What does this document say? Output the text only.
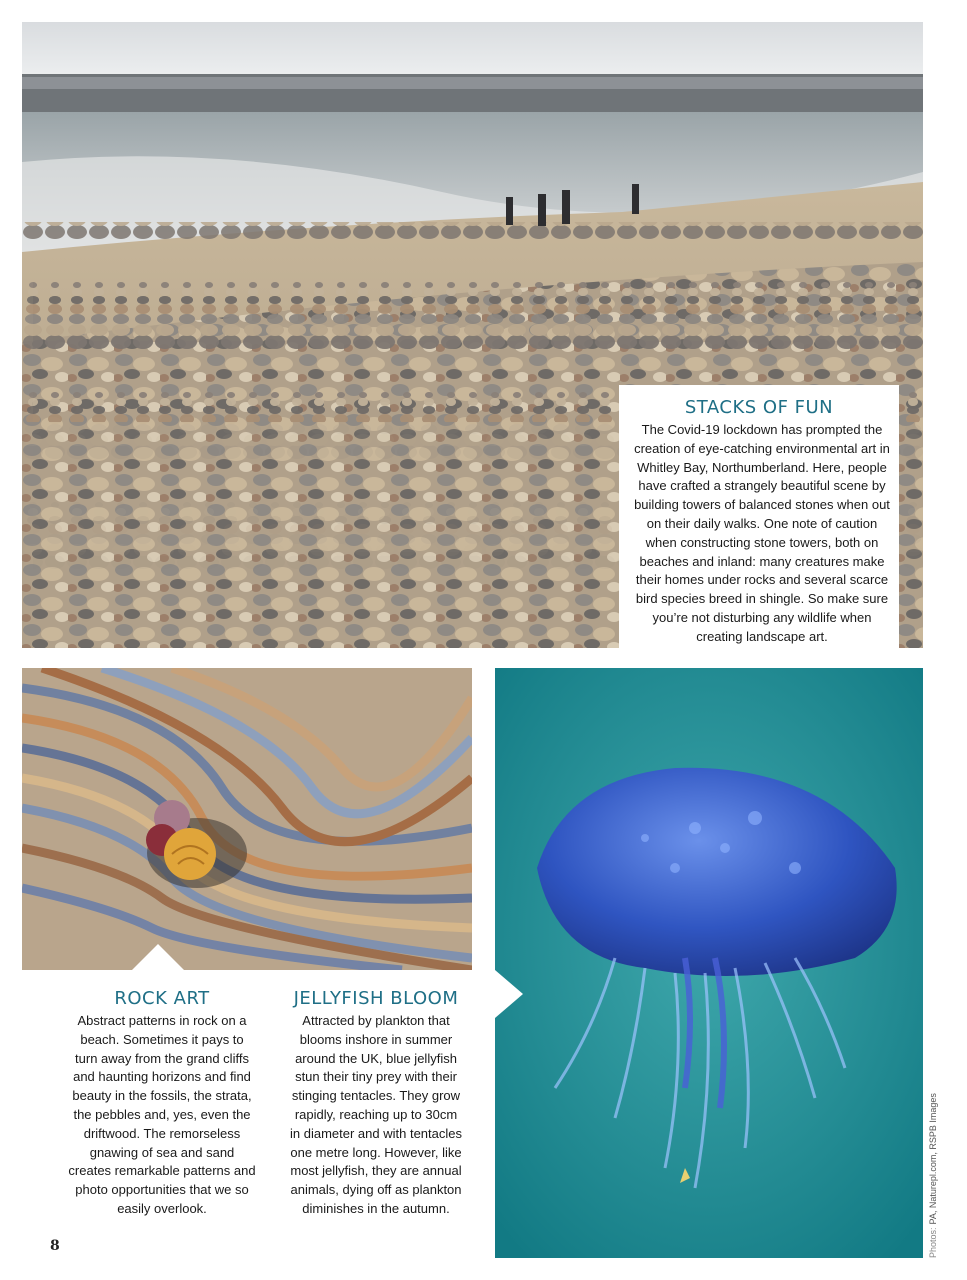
STACKS OF FUN

The Covid-19 lockdown has prompted the creation of eye-catching environmental art in Whitley Bay, Northumberland. Here, people have crafted a strangely beautiful scene by building towers of balanced stones when out on their daily walks. One note of caution when constructing stone towers, both on beaches and inland: many creatures make their homes under rocks and several scarce bird species breed in shingle. So make sure you’re not disturbing any wildlife when creating landscape art.

ROCK ART

Abstract patterns in rock on a beach. Sometimes it pays to turn away from the grand cliffs and haunting horizons and find beauty in the fossils, the strata, the pebbles and, yes, even the driftwood. The remorseless gnawing of sea and sand creates remarkable patterns and photo opportunities that we so easily overlook.

JELLYFISH BLOOM

Attracted by plankton that blooms inshore in summer around the UK, blue jellyfish stun their tiny prey with their stinging tentacles. They grow rapidly, reaching up to 30cm in diameter and with tentacles one metre long. However, like most jellyfish, they are annual animals, dying off as plankton diminishes in the autumn.

8	Photos:PA, Naturepl.com, RSPB Images
